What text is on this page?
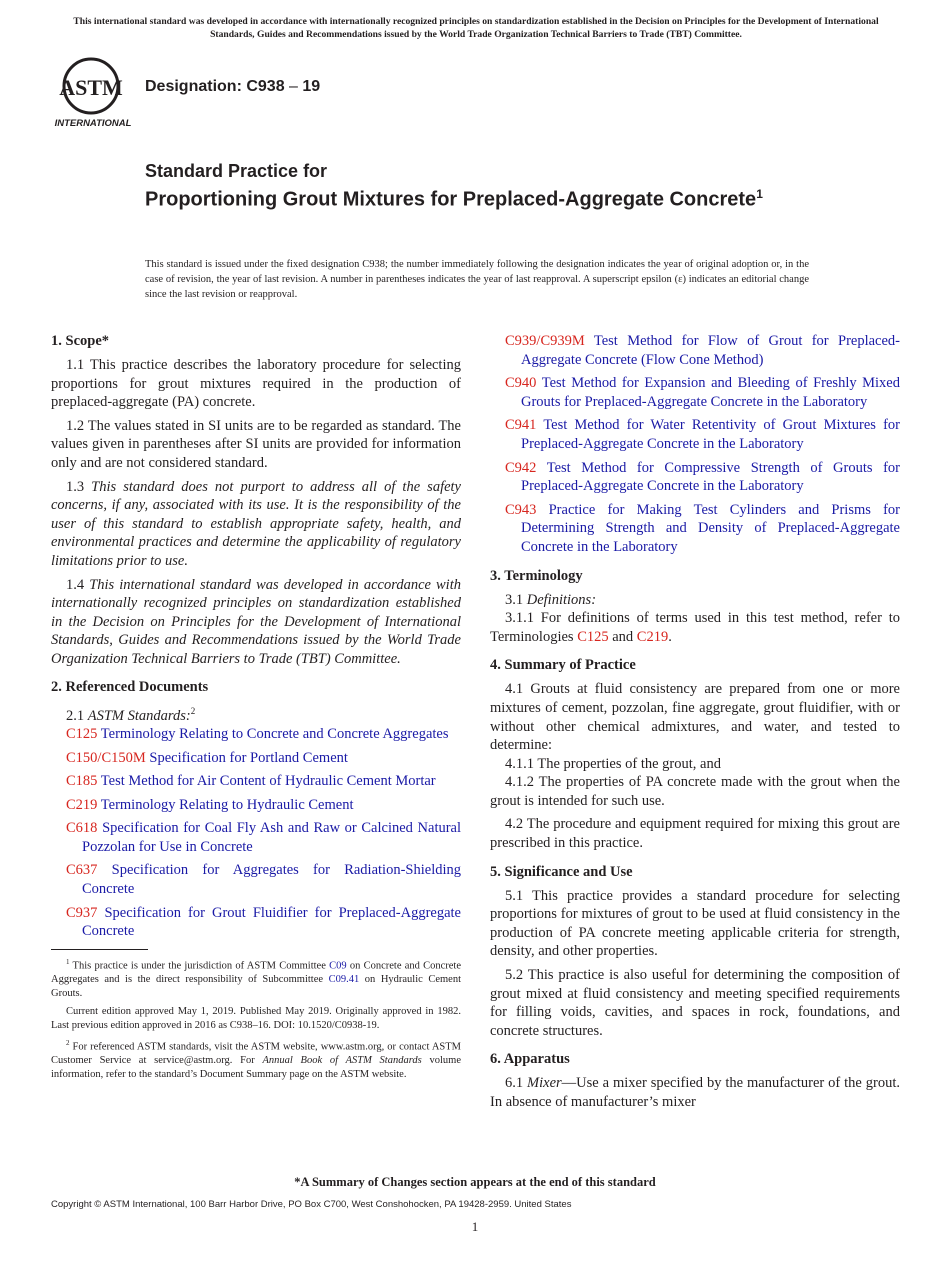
This international standard was developed in accordance with internationally recognized principles on standardization established in the Decision on Principles for the Development of International Standards, Guides and Recommendations issued by the World Trade Organization Technical Barriers to Trade (TBT) Committee.
ASTM
INTERNATIONAL
Designation: C938 – 19
Standard Practice for
Proportioning Grout Mixtures for Preplaced-Aggregate Concrete$^1$
This standard is issued under the fixed designation C938; the number immediately following the designation indicates the year of original adoption or, in the case of revision, the year of last revision. A number in parentheses indicates the year of last reapproval. A superscript epsilon (ε) indicates an editorial change since the last revision or reapproval.
1. Scope*

1.1 This practice describes the laboratory procedure for selecting proportions for grout mixtures required in the production of preplaced-aggregate (PA) concrete.

1.2 The values stated in SI units are to be regarded as standard. The values given in parentheses after SI units are provided for information only and are not considered standard.

1.3 This standard does not purport to address all of the safety concerns, if any, associated with its use. It is the responsibility of the user of this standard to establish appropriate safety, health, and environmental practices and determine the applicability of regulatory limitations prior to use.

1.4 This international standard was developed in accordance with internationally recognized principles on standardization established in the Decision on Principles for the Development of International Standards, Guides and Recommendations issued by the World Trade Organization Technical Barriers to Trade (TBT) Committee.

2. Referenced Documents

2.1 ASTM Standards:$^2$

C125 Terminology Relating to Concrete and Concrete Aggregates

C150/C150M Specification for Portland Cement

C185 Test Method for Air Content of Hydraulic Cement Mortar

C219 Terminology Relating to Hydraulic Cement

C618 Specification for Coal Fly Ash and Raw or Calcined Natural Pozzolan for Use in Concrete

C637 Specification for Aggregates for Radiation-Shielding Concrete

C937 Specification for Grout Fluidifier for Preplaced-Aggregate Concrete

$^1$ This practice is under the jurisdiction of ASTM Committee C09 on Concrete and Concrete Aggregates and is the direct responsibility of Subcommittee C09.41 on Hydraulic Cement Grouts.

Current edition approved May 1, 2019. Published May 2019. Originally approved in 1982. Last previous edition approved in 2016 as C938–16. DOI: 10.1520/C0938-19.

$^2$ For referenced ASTM standards, visit the ASTM website, www.astm.org, or contact ASTM Customer Service at service@astm.org. For Annual Book of ASTM Standards volume information, refer to the standard’s Document Summary page on the ASTM website.

C939/C939M Test Method for Flow of Grout for Preplaced-Aggregate Concrete (Flow Cone Method)

C940 Test Method for Expansion and Bleeding of Freshly Mixed Grouts for Preplaced-Aggregate Concrete in the Laboratory

C941 Test Method for Water Retentivity of Grout Mixtures for Preplaced-Aggregate Concrete in the Laboratory

C942 Test Method for Compressive Strength of Grouts for Preplaced-Aggregate Concrete in the Laboratory

C943 Practice for Making Test Cylinders and Prisms for Determining Strength and Density of Preplaced-Aggregate Concrete in the Laboratory

3. Terminology

3.1 Definitions:

3.1.1 For definitions of terms used in this test method, refer to Terminologies C125 and C219.

4. Summary of Practice

4.1 Grouts at fluid consistency are prepared from one or more mixtures of cement, pozzolan, fine aggregate, grout fluidifier, with or without other chemical admixtures, and water, and tested to determine:

4.1.1 The properties of the grout, and

4.1.2 The properties of PA concrete made with the grout when the grout is intended for such use.

4.2 The procedure and equipment required for mixing this grout are prescribed in this practice.

5. Significance and Use

5.1 This practice provides a standard procedure for selecting proportions for mixtures of grout to be used at fluid consistency in the production of PA concrete meeting applicable criteria for strength, density, and other properties.

5.2 This practice is also useful for determining the composition of grout mixed at fluid consistency and meeting specified requirements for filling voids, cavities, and spaces in rock, foundations, and concrete structures.

6. Apparatus

6.1 Mixer—Use a mixer specified by the manufacturer of the grout. In absence of manufacturer’s mixer

*A Summary of Changes section appears at the end of this standard
Copyright © ASTM International, 100 Barr Harbor Drive, PO Box C700, West Conshohocken, PA 19428-2959. United States
1
